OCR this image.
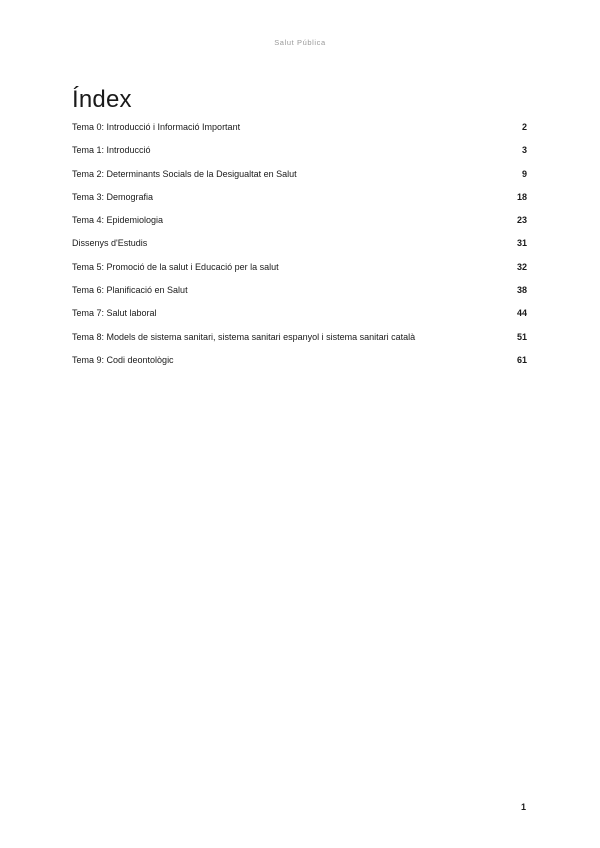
Salut Pública
Índex
Tema 0: Introducció i Informació Important	2
Tema 1: Introducció	3
Tema 2: Determinants Socials de la Desigualtat en Salut	9
Tema 3: Demografia	18
Tema 4: Epidemiologia	23
Dissenys d'Estudis	31
Tema 5: Promoció de la salut i Educació per la salut	32
Tema 6: Planificació en Salut	38
Tema 7: Salut laboral	44
Tema 8: Models de sistema sanitari, sistema sanitari espanyol i sistema sanitari català	51
Tema 9: Codi deontològic	61
1
